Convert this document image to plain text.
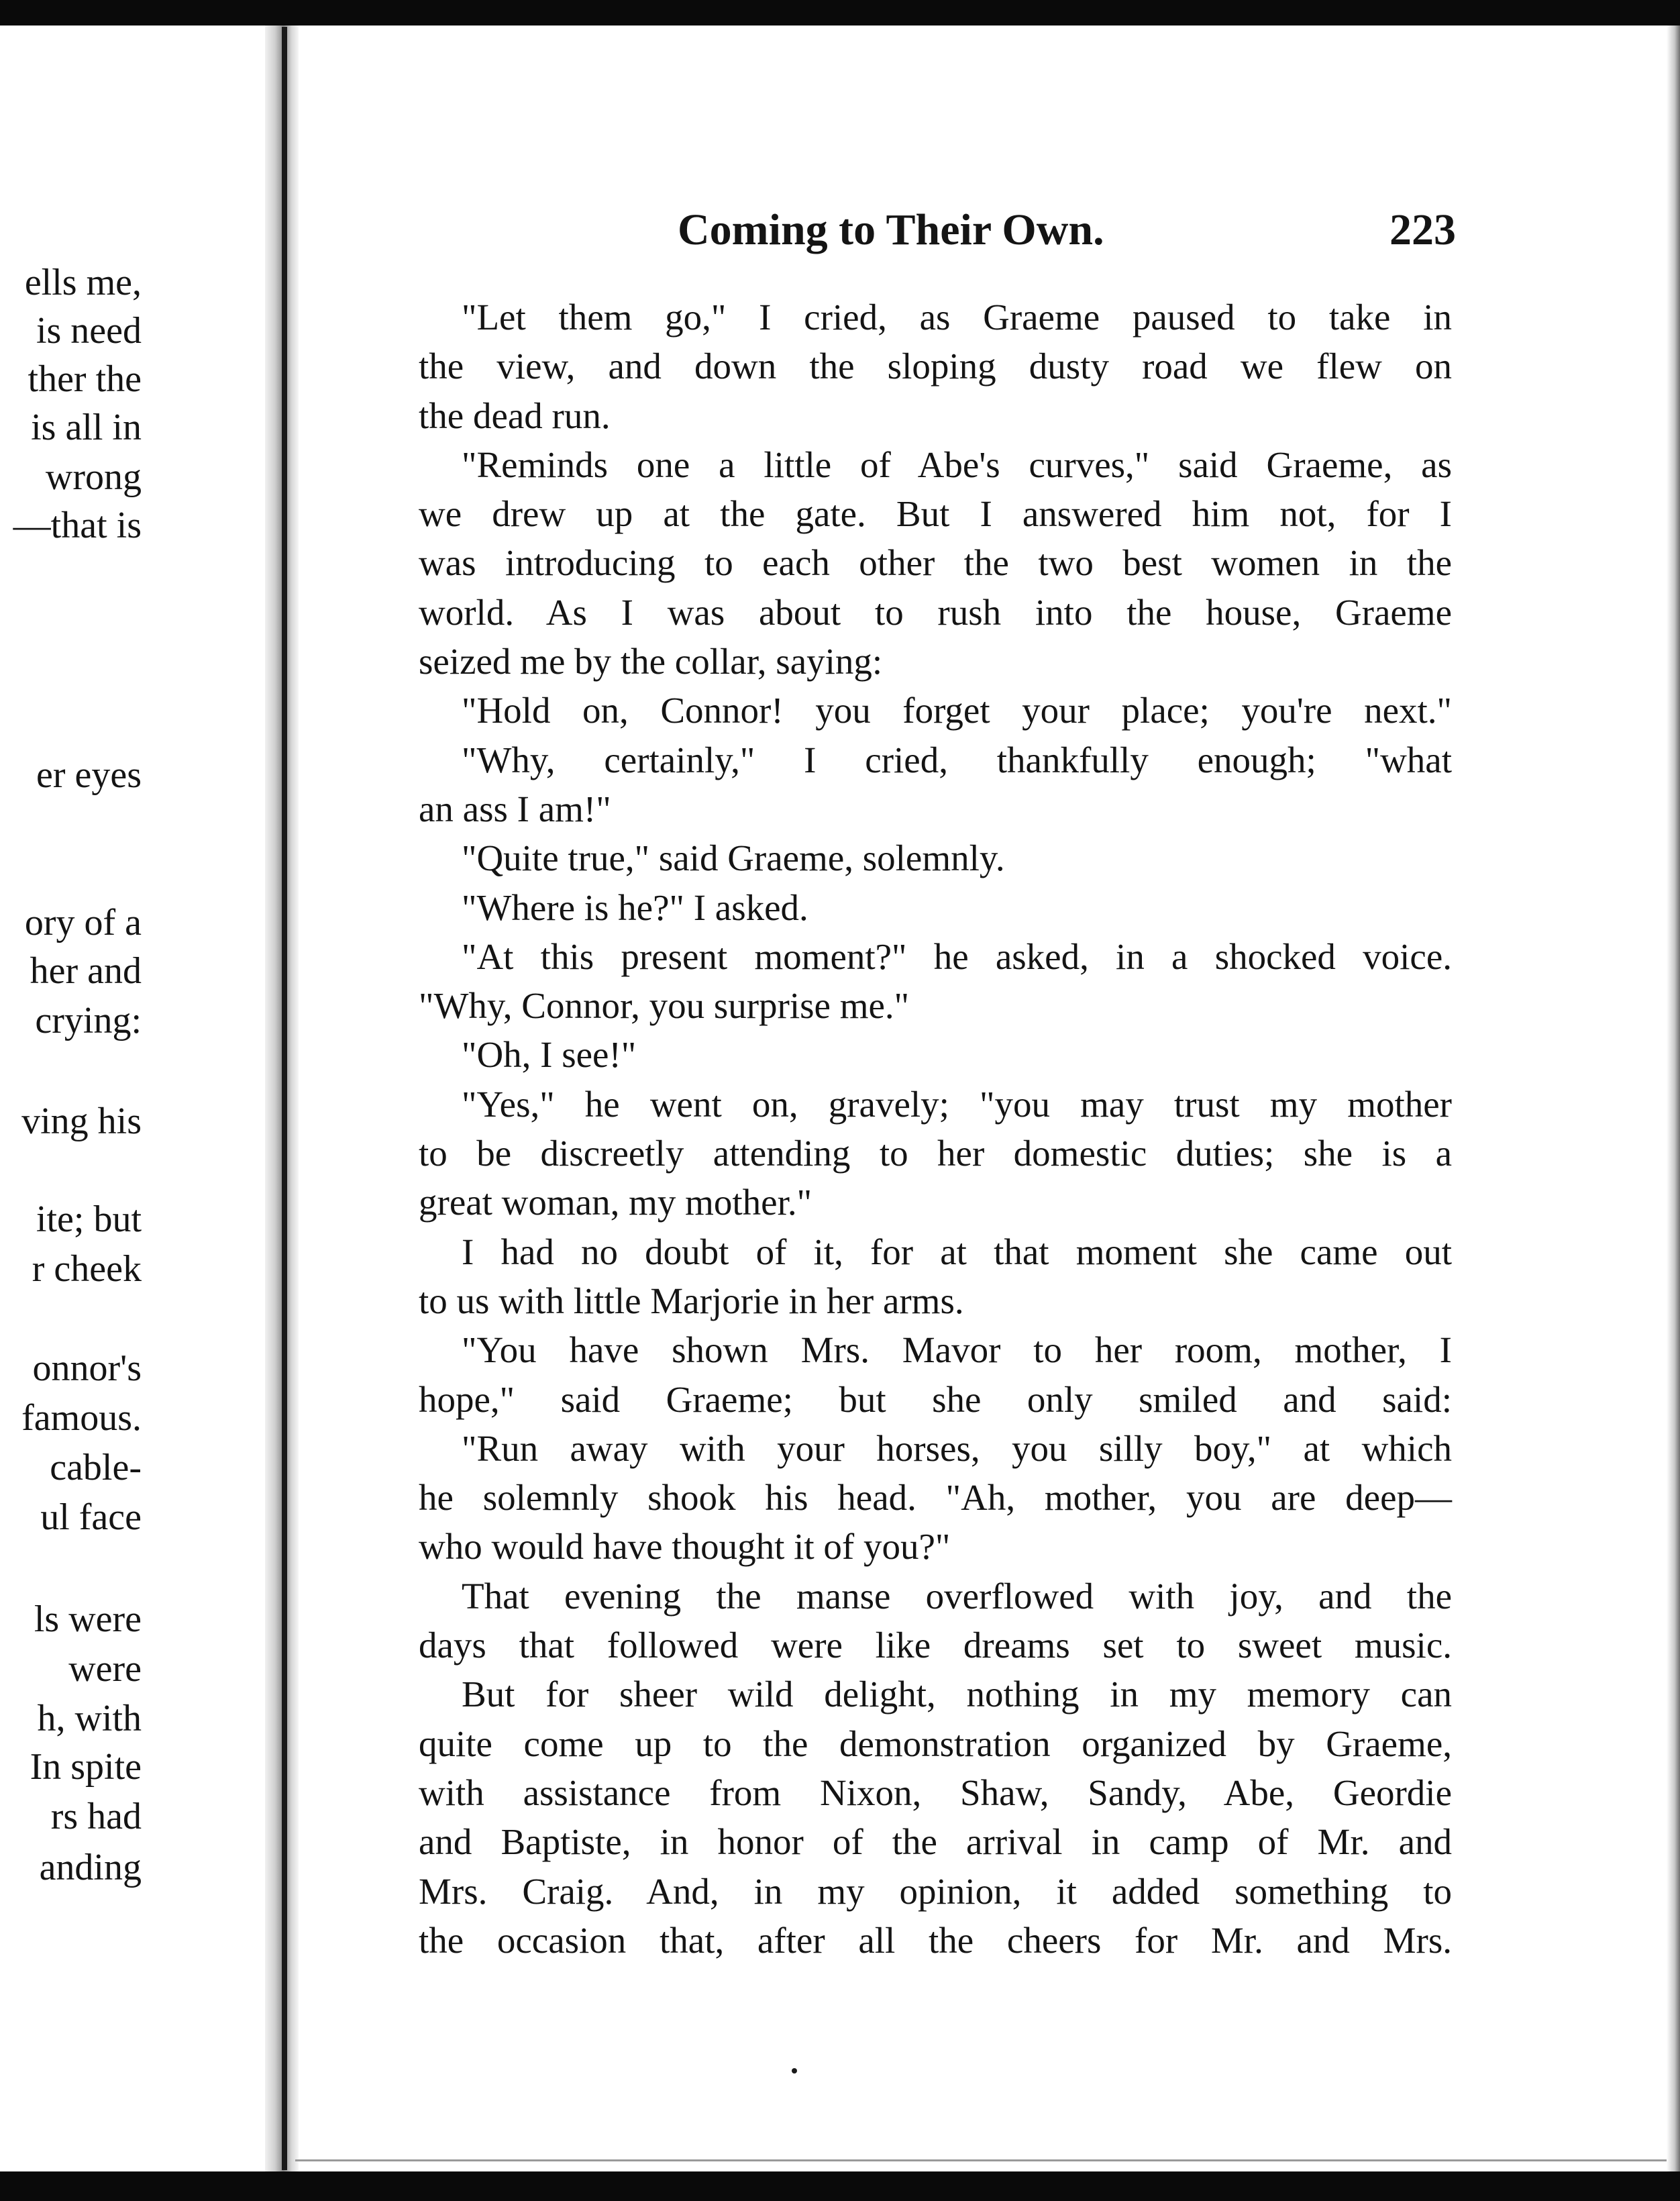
ells me,
is need
ther the
is all in
wrong
—that is
er eyes
ory of a
her and
crying:
ving his
ite; but
r cheek
onnor's
famous.
cable-
ul face
ls were
were
h, with
In spite
rs had
anding
Coming to Their Own.	223
"Let them go," I cried, as Graeme paused to take in
the view, and down the sloping dusty road we flew on
the dead run.
"Reminds one a little of Abe's curves," said Graeme, as
we drew up at the gate. But I answered him not, for I
was introducing to each other the two best women in the
world. As I was about to rush into the house, Graeme
seized me by the collar, saying:
"Hold on, Connor! you forget your place; you're next."
"Why, certainly," I cried, thankfully enough; "what
an ass I am!"
"Quite true," said Graeme, solemnly.
"Where is he?" I asked.
"At this present moment?" he asked, in a shocked voice.
"Why, Connor, you surprise me."
"Oh, I see!"
"Yes," he went on, gravely; "you may trust my mother
to be discreetly attending to her domestic duties; she is a
great woman, my mother."
I had no doubt of it, for at that moment she came out
to us with little Marjorie in her arms.
"You have shown Mrs. Mavor to her room, mother, I
hope," said Graeme; but she only smiled and said:
"Run away with your horses, you silly boy," at which
he solemnly shook his head. "Ah, mother, you are deep—
who would have thought it of you?"
That evening the manse overflowed with joy, and the
days that followed were like dreams set to sweet music.
But for sheer wild delight, nothing in my memory can
quite come up to the demonstration organized by Graeme,
with assistance from Nixon, Shaw, Sandy, Abe, Geordie
and Baptiste, in honor of the arrival in camp of Mr. and
Mrs. Craig. And, in my opinion, it added something to
the occasion that, after all the cheers for Mr. and Mrs.
